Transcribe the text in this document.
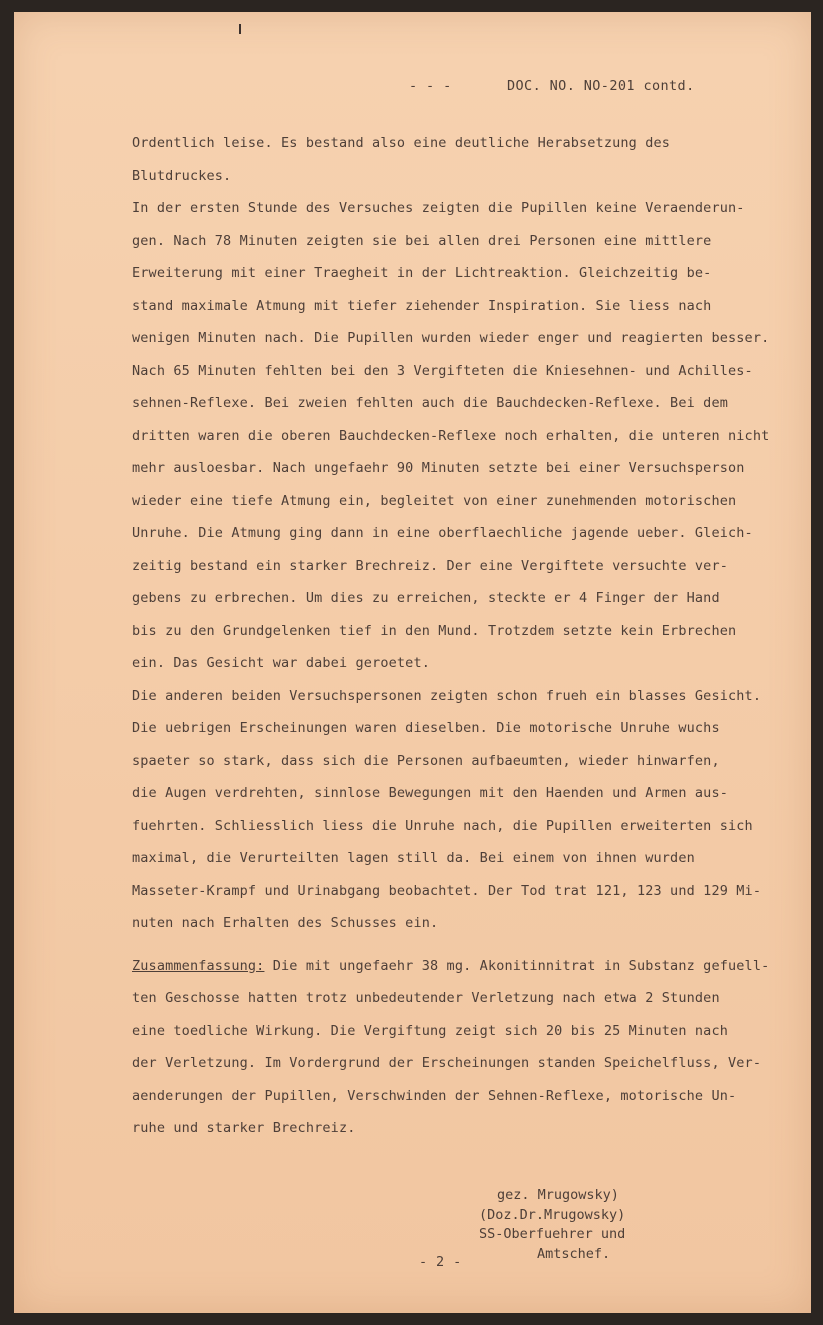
- - -	DOC. NO. NO-201 contd.
Ordentlich leise. Es bestand also eine deutliche Herabsetzung des
Blutdruckes.
In der ersten Stunde des Versuches zeigten die Pupillen keine Veraenderun-
gen. Nach 78 Minuten zeigten sie bei allen drei Personen eine mittlere
Erweiterung mit einer Traegheit in der Lichtreaktion. Gleichzeitig be-
stand maximale Atmung mit tiefer ziehender Inspiration. Sie liess nach
wenigen Minuten nach. Die Pupillen wurden wieder enger und reagierten besser.
Nach 65 Minuten fehlten bei den 3 Vergifteten die Kniesehnen- und Achilles-
sehnen-Reflexe. Bei zweien fehlten auch die Bauchdecken-Reflexe. Bei dem
dritten waren die oberen Bauchdecken-Reflexe noch erhalten, die unteren nicht
mehr ausloesbar. Nach ungefaehr 90 Minuten setzte bei einer Versuchsperson
wieder eine tiefe Atmung ein, begleitet von einer zunehmenden motorischen
Unruhe. Die Atmung ging dann in eine oberflaechliche jagende ueber. Gleich-
zeitig bestand ein starker Brechreiz. Der eine Vergiftete versuchte ver-
gebens zu erbrechen. Um dies zu erreichen, steckte er 4 Finger der Hand
bis zu den Grundgelenken tief in den Mund. Trotzdem setzte kein Erbrechen
ein. Das Gesicht war dabei geroetet.
Die anderen beiden Versuchspersonen zeigten schon frueh ein blasses Gesicht.
Die uebrigen Erscheinungen waren dieselben. Die motorische Unruhe wuchs
spaeter so stark, dass sich die Personen aufbaeumten, wieder hinwarfen,
die Augen verdrehten, sinnlose Bewegungen mit den Haenden und Armen aus-
fuehrten. Schliesslich liess die Unruhe nach, die Pupillen erweiterten sich
maximal, die Verurteilten lagen still da. Bei einem von ihnen wurden
Masseter-Krampf und Urinabgang beobachtet. Der Tod trat 121, 123 und 129 Mi-
nuten nach Erhalten des Schusses ein.
Zusammenfassung: Die mit ungefaehr 38 mg. Akonitinnitrat in Substanz gefuell-
ten Geschosse hatten trotz unbedeutender Verletzung nach etwa 2 Stunden
eine toedliche Wirkung. Die Vergiftung zeigt sich 20 bis 25 Minuten nach
der Verletzung. Im Vordergrund der Erscheinungen standen Speichelfluss, Ver-
aenderungen der Pupillen, Verschwinden der Sehnen-Reflexe, motorische Un-
ruhe und starker Brechreiz.
gez. Mrugowsky)
(Doz.Dr.Mrugowsky)
SS-Oberfuehrer und
Amtschef.
- 2 -
